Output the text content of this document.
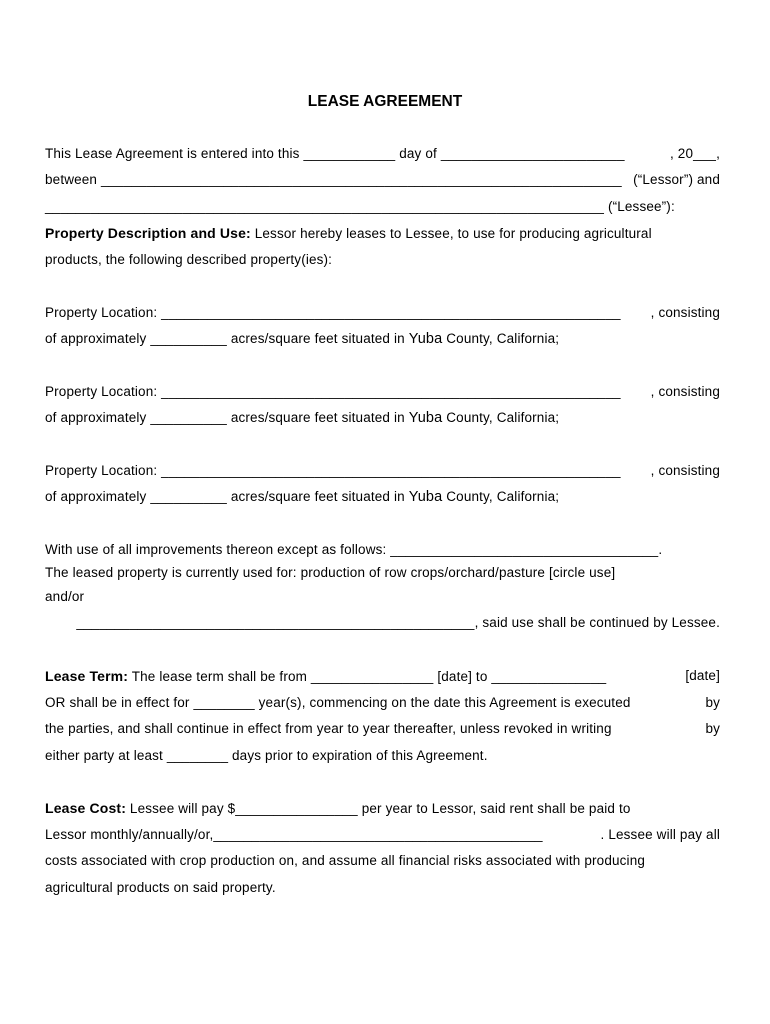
LEASE AGREEMENT
This Lease Agreement is entered into this ____________ day of ________________________	, 20___,
between ____________________________________________________________________ (“Lessor”) and
_________________________________________________________________________ (“Lessee”):
Property Description and Use: Lessor hereby leases to Lessee, to use for producing agricultural
products, the following described property(ies):
Property Location: ____________________________________________________________ , consisting
of approximately __________ acres/square feet situated in Yuba County, California;
Property Location: ____________________________________________________________ , consisting
of approximately __________ acres/square feet situated in Yuba County, California;
Property Location: ____________________________________________________________ , consisting
of approximately __________ acres/square feet situated in Yuba County, California;
With use of all improvements thereon except as follows: ___________________________________.
The leased property is currently used for: production of row crops/orchard/pasture [circle use]
and/or
____________________________________________________, said use shall be continued by Lessee.
Lease Term: The lease term shall be from ________________ [date] to _______________	[date]
OR shall be in effect for ________ year(s), commencing on the date this Agreement is executed	by
the parties, and shall continue in effect from year to year thereafter, unless revoked in writing	by
either party at least ________ days prior to expiration of this Agreement.
Lease Cost: Lessee will pay $________________ per year to Lessor, said rent shall be paid to
Lessor monthly/annually/or,___________________________________________	. Lessee will pay all
costs associated with crop production on, and assume all financial risks associated with producing
agricultural products on said property.
